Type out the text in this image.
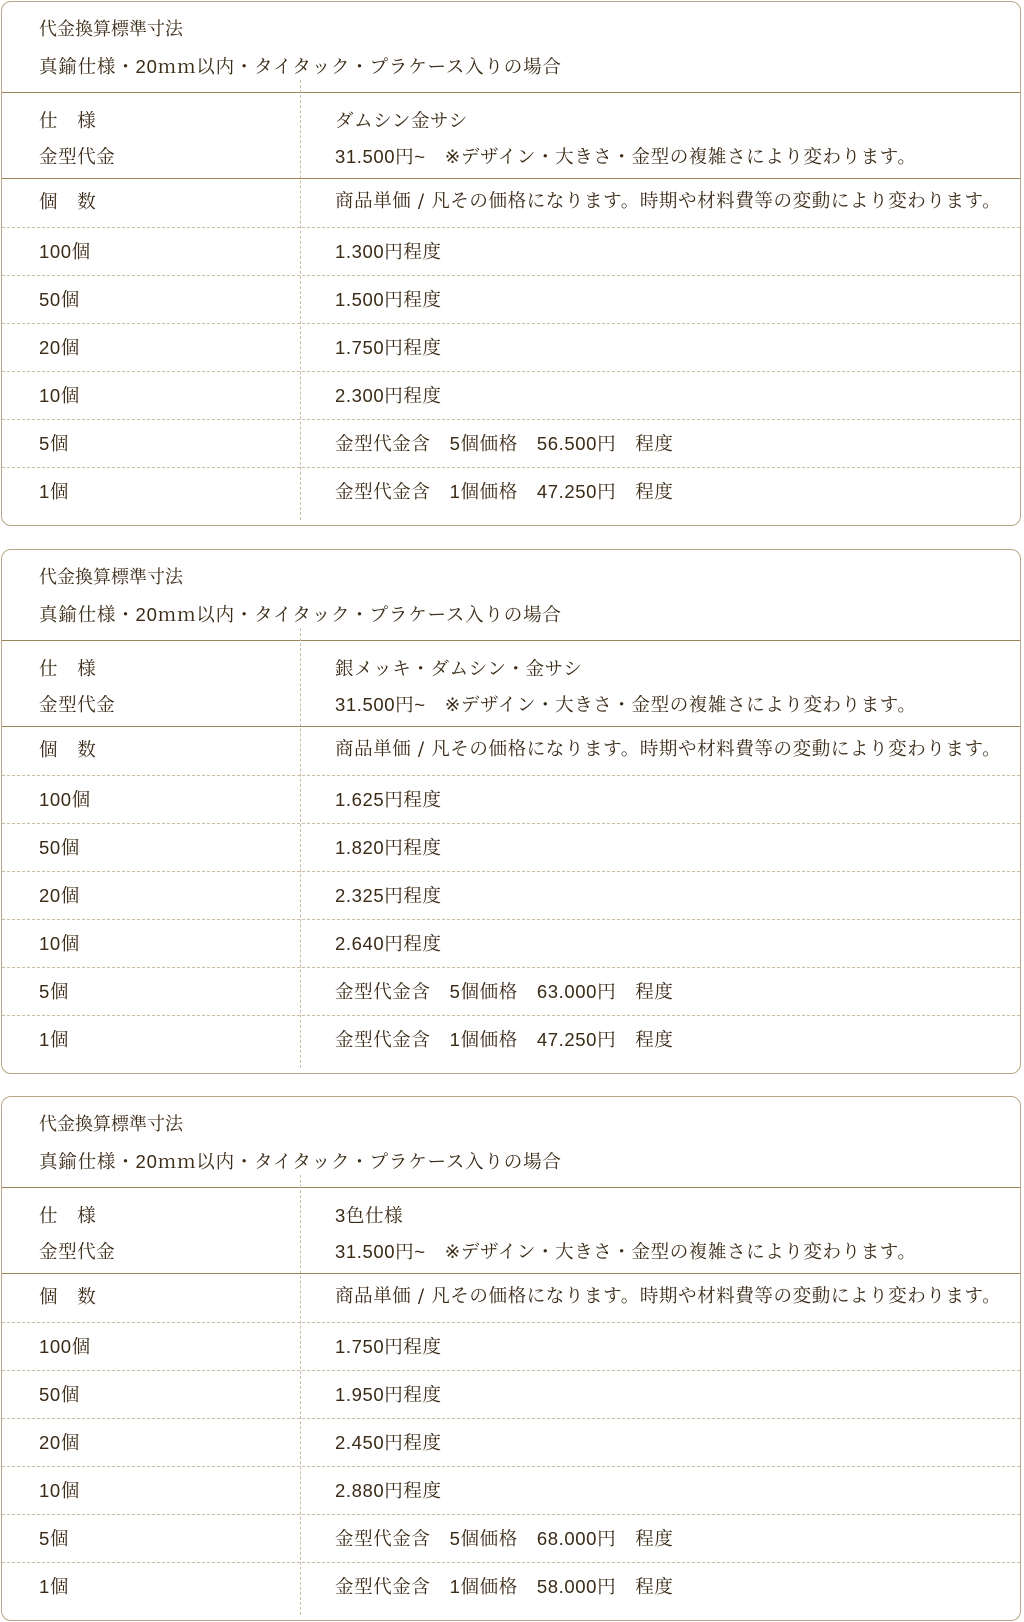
代金換算標準寸法
真鍮仕様・20ｍｍ以内・タイタック・プラケース入りの場合
仕　様	ダムシン金サシ
金型代金	31.500円~　※デザイン・大きさ・金型の複雑さにより変わります。
個　数	商品単価 / 凡その価格になります。時期や材料費等の変動により変わります。
100個	1.300円程度
50個	1.500円程度
20個	1.750円程度
10個	2.300円程度
5個	金型代金含　5個価格　56.500円　程度
1個	金型代金含　1個価格　47.250円　程度
代金換算標準寸法
真鍮仕様・20ｍｍ以内・タイタック・プラケース入りの場合
仕　様	銀メッキ・ダムシン・金サシ
金型代金	31.500円~　※デザイン・大きさ・金型の複雑さにより変わります。
個　数	商品単価 / 凡その価格になります。時期や材料費等の変動により変わります。
100個	1.625円程度
50個	1.820円程度
20個	2.325円程度
10個	2.640円程度
5個	金型代金含　5個価格　63.000円　程度
1個	金型代金含　1個価格　47.250円　程度
代金換算標準寸法
真鍮仕様・20ｍｍ以内・タイタック・プラケース入りの場合
仕　様	3色仕様
金型代金	31.500円~　※デザイン・大きさ・金型の複雑さにより変わります。
個　数	商品単価 / 凡その価格になります。時期や材料費等の変動により変わります。
100個	1.750円程度
50個	1.950円程度
20個	2.450円程度
10個	2.880円程度
5個	金型代金含　5個価格　68.000円　程度
1個	金型代金含　1個価格　58.000円　程度
